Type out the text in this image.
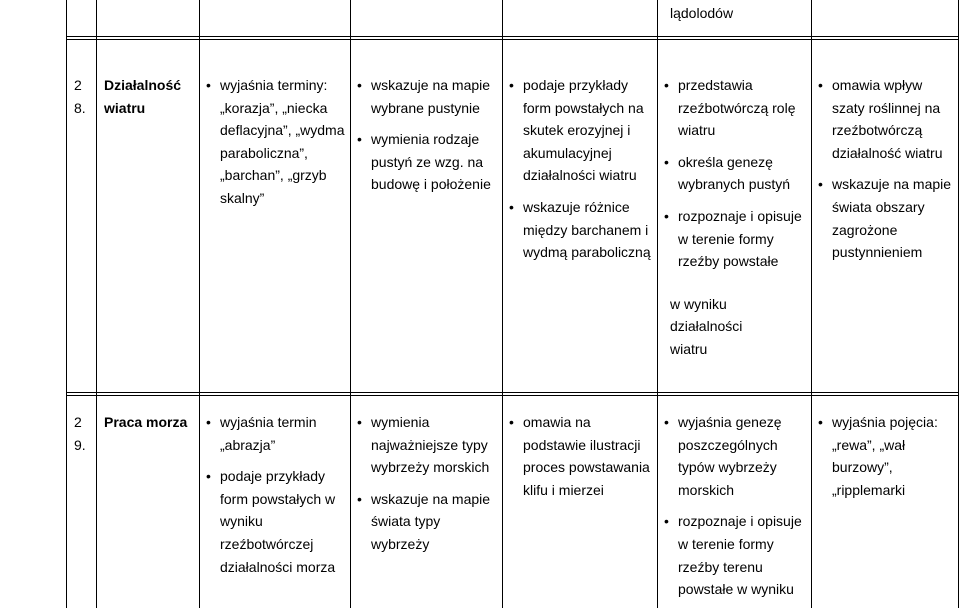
lądolodów
2
8.
Działalność wiatru
• wyjaśnia terminy: „korazja”, „niecka deflacyjna”, „wydma paraboliczna”, „barchan”, „grzyb skalny”
• wskazuje na mapie wybrane pustynie
• wymienia rodzaje pustyń ze wzg. na budowę i położenie
• podaje przykłady form powstałych na skutek erozyjnej i akumulacyjnej działalności wiatru
• wskazuje różnice między barchanem i wydmą paraboliczną
• przedstawia rzeźbotwórczą rolę wiatru
• określa genezę wybranych pustyń
• rozpoznaje i opisuje w terenie formy rzeźby powstałe
w wyniku działalności wiatru
• omawia wpływ szaty roślinnej na rzeźbotwórczą działalność wiatru
• wskazuje na mapie świata obszary zagrożone pustynnieniem
2
9.
Praca morza
•	wyjaśnia termin „abrazja”
• podaje przykłady form powstałych w wyniku rzeźbotwórczej działalności morza
• wymienia najważniejsze typy wybrzeży morskich
• wskazuje na mapie świata typy wybrzeży
• omawia na podstawie ilustracji proces powstawania klifu i mierzei
• wyjaśnia genezę poszczególnych typów wybrzeży morskich
• rozpoznaje i opisuje w terenie formy rzeźby terenu powstałe w wyniku
• wyjaśnia pojęcia: „rewa”, „wał burzowy”, „ripplemarki
